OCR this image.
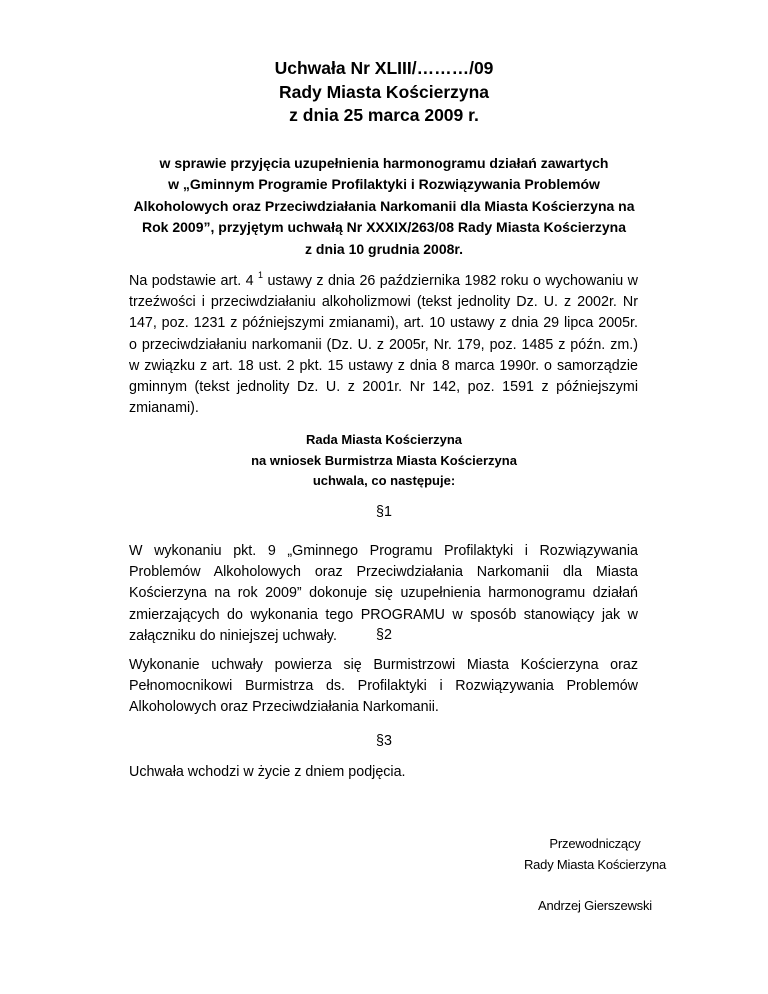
Uchwała Nr XLIII/………/09
Rady Miasta Kościerzyna
z dnia 25 marca 2009 r.
w sprawie przyjęcia uzupełnienia harmonogramu działań zawartych
w „Gminnym Programie Profilaktyki i Rozwiązywania Problemów
Alkoholowych oraz Przeciwdziałania Narkomanii dla Miasta Kościerzyna na
Rok 2009”, przyjętym uchwałą Nr XXXIX/263/08 Rady Miasta Kościerzyna
z dnia 10 grudnia 2008r.
Na podstawie art. 4 $^1$ ustawy z dnia 26 października 1982 roku o wychowaniu w trzeźwości i przeciwdziałaniu alkoholizmowi (tekst jednolity Dz. U. z 2002r. Nr 147, poz. 1231 z późniejszymi zmianami), art. 10 ustawy z dnia 29 lipca 2005r. o przeciwdziałaniu narkomanii (Dz. U. z 2005r, Nr. 179, poz. 1485 z późn. zm.) w związku z art. 18 ust. 2 pkt. 15 ustawy z dnia 8 marca 1990r. o samorządzie gminnym (tekst jednolity Dz. U. z 2001r. Nr 142, poz. 1591 z późniejszymi zmianami).
Rada Miasta Kościerzyna
na wniosek Burmistrza Miasta Kościerzyna
uchwala, co następuje:
§1
W wykonaniu pkt. 9 „Gminnego Programu Profilaktyki i Rozwiązywania Problemów Alkoholowych oraz Przeciwdziałania Narkomanii dla Miasta Kościerzyna na rok 2009” dokonuje się uzupełnienia harmonogramu działań zmierzających do wykonania tego PROGRAMU w sposób stanowiący jak w załączniku do niniejszej uchwały.	§2
Wykonanie uchwały powierza się Burmistrzowi Miasta Kościerzyna oraz Pełnomocnikowi Burmistrza ds. Profilaktyki i Rozwiązywania Problemów Alkoholowych oraz Przeciwdziałania Narkomanii.
§3
Uchwała wchodzi w życie z dniem podjęcia.
Przewodniczący
Rady Miasta Kościerzyna
Andrzej Gierszewski
